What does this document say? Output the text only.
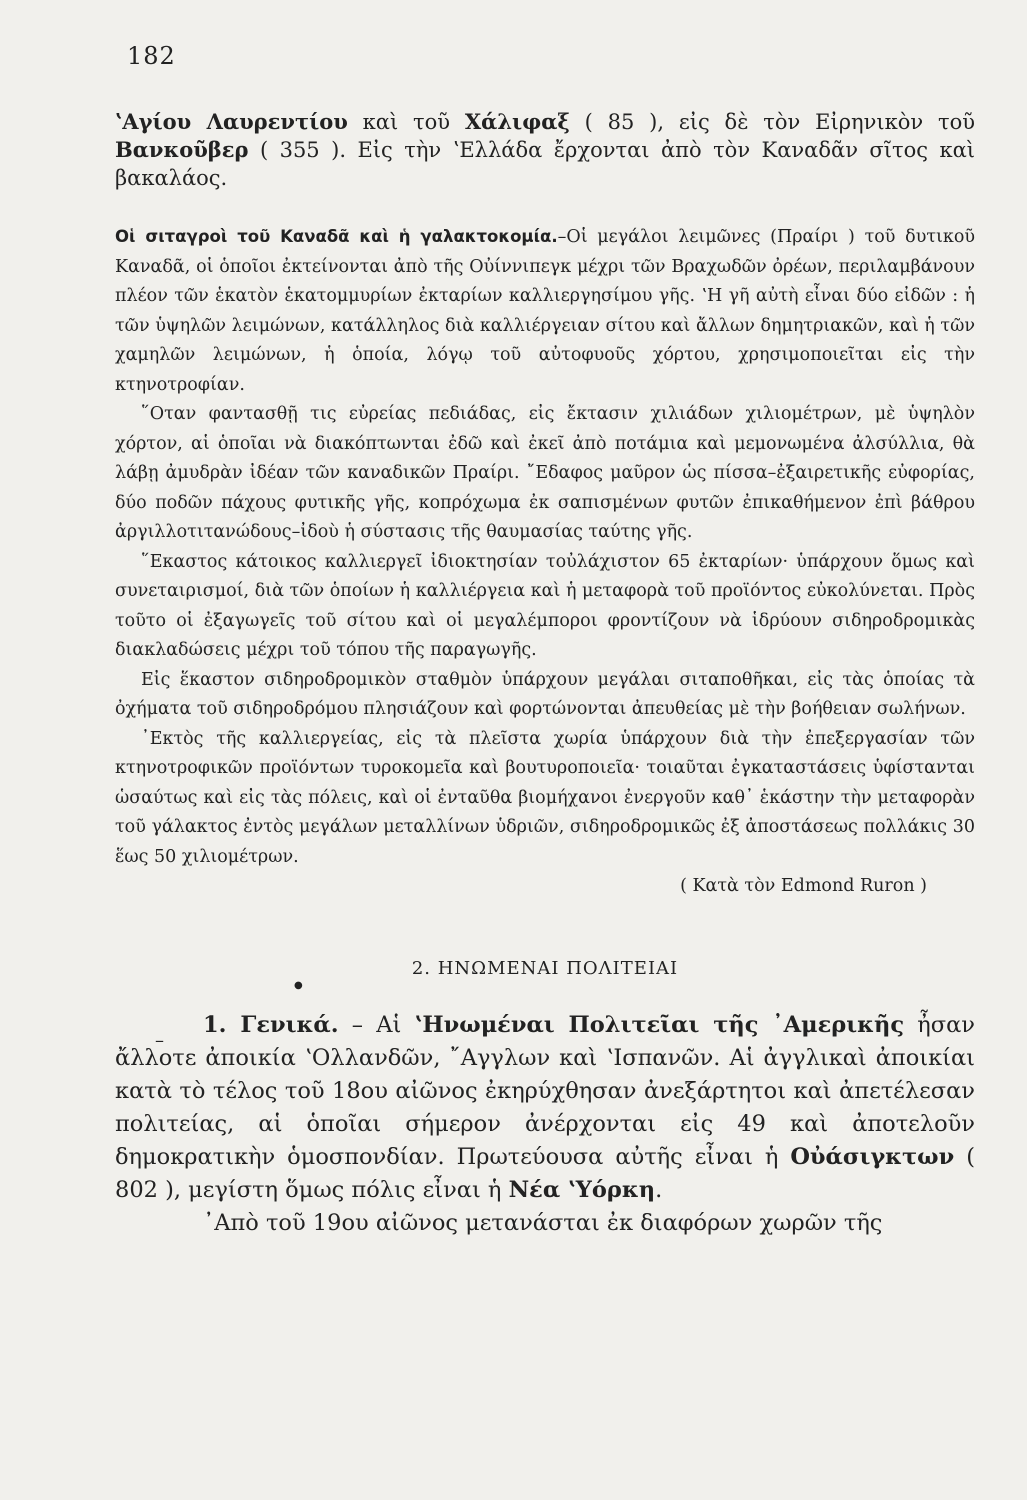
182

ʽΑγίου Λαυρεντίου καὶ τοῦ Χάλιφαξ ( 85 ), εἰς δὲ τὸν Εἰρηνικὸν τοῦ Βανκοῦβερ ( 355 ). Εἰς τὴν ʽΕλλάδα ἔρχονται ἀπὸ τὸν Καναδᾶν σῖτος καὶ βακαλάος.

Οἱ σιταγροὶ τοῦ Καναδᾶ καὶ ἡ γαλακτοκομία.–Οἱ μεγάλοι λειμῶνες (Πραίρι ) τοῦ δυτικοῦ Καναδᾶ, οἱ ὁποῖοι ἐκτείνονται ἀπὸ τῆς Οὐίννιπεγκ μέχρι τῶν Βραχωδῶν ὀρέων, περιλαμβάνουν πλέον τῶν ἑκατὸν ἑκατομμυρίων ἐκταρίων καλλιεργησίμου γῆς. ʽΗ γῆ αὐτὴ εἶναι δύο εἰδῶν : ἡ τῶν ὑψηλῶν λειμώνων, κατάλληλος διὰ καλλιέργειαν σίτου καὶ ἄλλων δημητριακῶν, καὶ ἡ τῶν χαμηλῶν λειμώνων, ἡ ὁποία, λόγῳ τοῦ αὐτοφυοῦς χόρτου, χρησιμοποιεῖται εἰς τὴν κτηνοτροφίαν.

῞Οταν φαντασθῇ τις εὐρείας πεδιάδας, εἰς ἔκτασιν χιλιάδων χιλιομέτρων, μὲ ὑψηλὸν χόρτον, αἱ ὁποῖαι νὰ διακόπτωνται ἐδῶ καὶ ἐκεῖ ἀπὸ ποτάμια καὶ μεμονωμένα ἀλσύλλια, θὰ λάβῃ ἀμυδρὰν ἰδέαν τῶν καναδικῶν Πραίρι. ῎Εδαφος μαῦρον ὡς πίσσα–ἐξαιρετικῆς εὐφορίας, δύο ποδῶν πάχους φυτικῆς γῆς, κοπρόχωμα ἐκ σαπισμένων φυτῶν ἐπικαθήμενον ἐπὶ βάθρου ἀργιλλοτιτανώδους–ἰδοὺ ἡ σύστασις τῆς θαυμασίας ταύτης γῆς.

῞Εκαστος κάτοικος καλλιεργεῖ ἰδιοκτησίαν τοὐλάχιστον 65 ἐκταρίων· ὑπάρχουν ὅμως καὶ συνεταιρισμοί, διὰ τῶν ὁποίων ἡ καλλιέργεια καὶ ἡ μεταφορὰ τοῦ προϊόντος εὐκολύνεται. Πρὸς τοῦτο οἱ ἐξαγωγεῖς τοῦ σίτου καὶ οἱ μεγαλέμποροι φροντίζουν νὰ ἱδρύουν σιδηροδρομικὰς διακλαδώσεις μέχρι τοῦ τόπου τῆς παραγωγῆς.

Εἰς ἕκαστον σιδηροδρομικὸν σταθμὸν ὑπάρχουν μεγάλαι σιταποθῆκαι, εἰς τὰς ὁποίας τὰ ὀχήματα τοῦ σιδηροδρόμου πλησιάζουν καὶ φορτώνονται ἀπευθείας μὲ τὴν βοήθειαν σωλήνων.

᾽Εκτὸς τῆς καλλιεργείας, εἰς τὰ πλεῖστα χωρία ὑπάρχουν διὰ τὴν ἐπεξεργασίαν τῶν κτηνοτροφικῶν προϊόντων τυροκομεῖα καὶ βουτυροποιεῖα· τοιαῦται ἐγκαταστάσεις ὑφίστανται ὡσαύτως καὶ εἰς τὰς πόλεις, καὶ οἱ ἐνταῦθα βιομήχανοι ἐνεργοῦν καθ᾽ ἑκάστην τὴν μεταφορὰν τοῦ γάλακτος ἐντὸς μεγάλων μεταλλίνων ὑδριῶν, σιδηροδρομικῶς ἐξ ἀποστάσεως πολλάκις 30 ἕως 50 χιλιομέτρων.

( Κατὰ τὸν Edmond Ruron )
●
–
2. ΗΝΩΜΕΝΑΙ ΠΟΛΙΤΕΙΑΙ

1. Γενικά. – Αἱ ʽΗνωμέναι Πολιτεῖαι τῆς ᾽Αμερικῆς ἦσαν ἄλλοτε ἀποικία ʽΟλλανδῶν, ῎Αγγλων καὶ ʽΙσπανῶν. Αἱ ἀγγλικαὶ ἀποικίαι κατὰ τὸ τέλος τοῦ 18ου αἰῶνος ἐκηρύχθησαν ἀνεξάρτητοι καὶ ἀπετέλεσαν πολιτείας, αἱ ὁποῖαι σήμερον ἀνέρχονται εἰς 49 καὶ ἀποτελοῦν δημοκρατικὴν ὁμοσπονδίαν. Πρωτεύουσα αὐτῆς εἶναι ἡ Οὐάσιγκτων ( 802 ), μεγίστη ὅμως πόλις εἶναι ἡ Νέα ʽΥόρκη.

᾽Απὸ τοῦ 19ου αἰῶνος μετανάσται ἐκ διαφόρων χωρῶν τῆς
